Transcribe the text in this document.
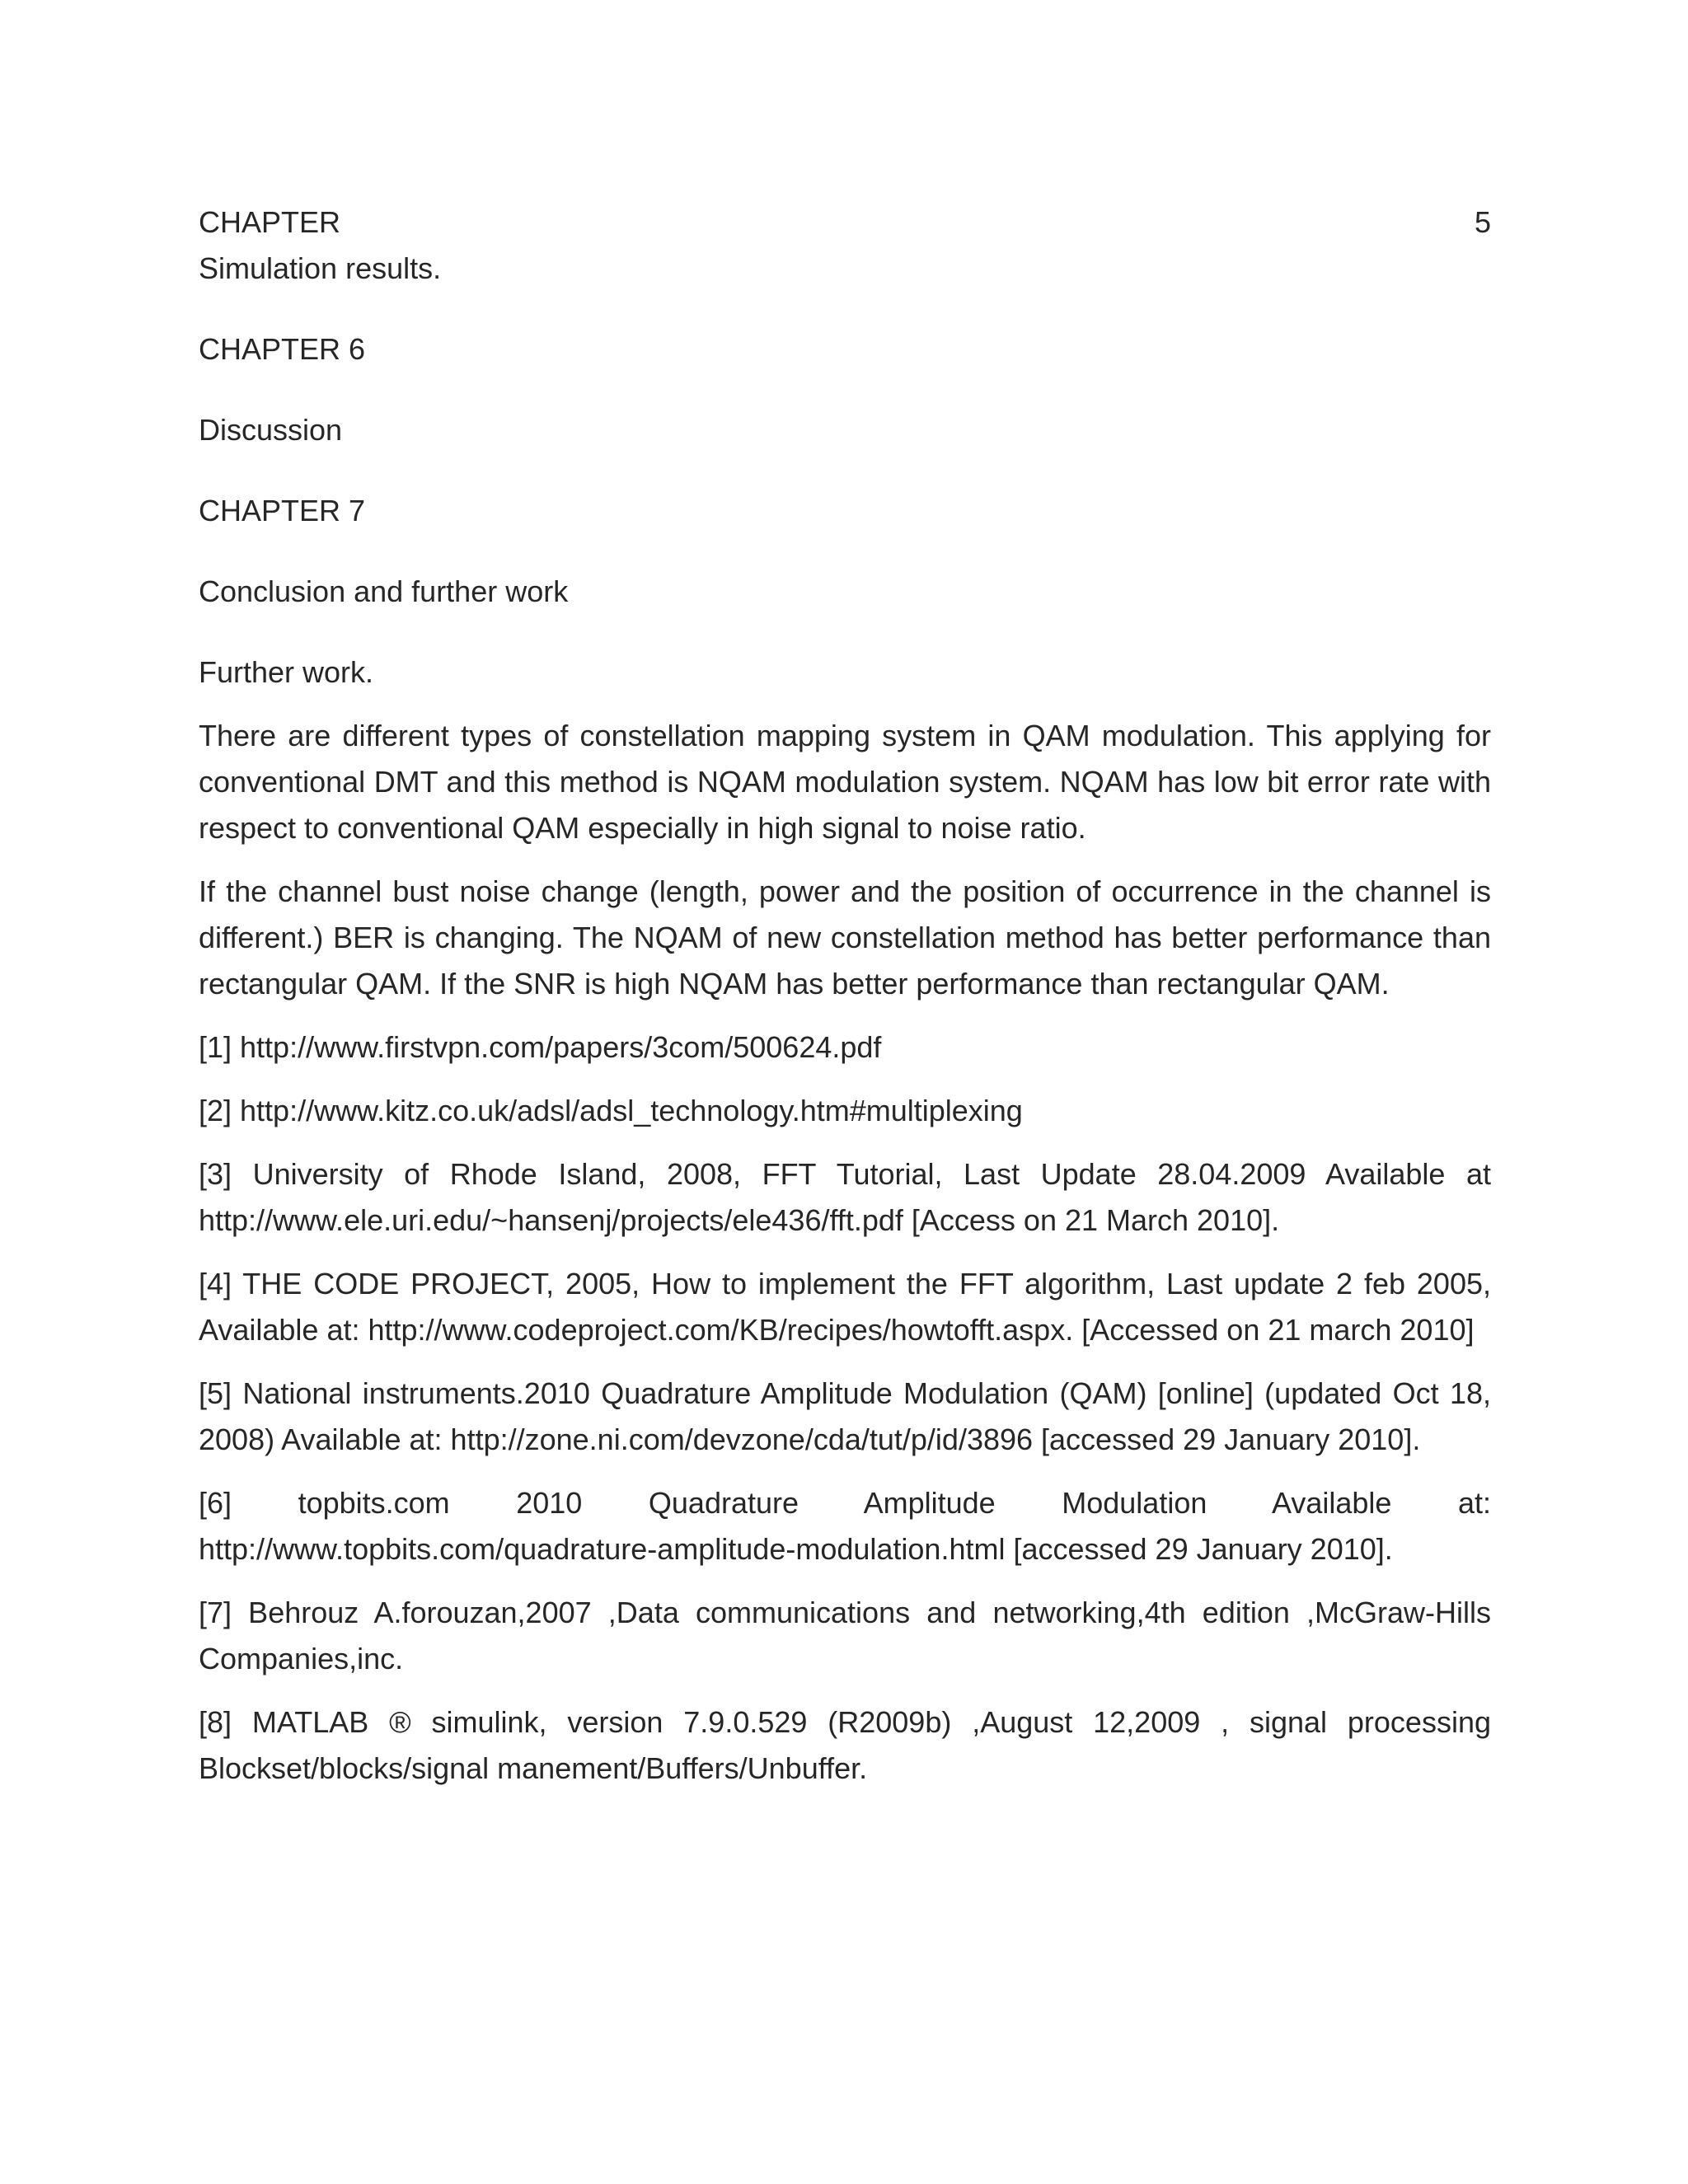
CHAPTER	5

Simulation results.

CHAPTER 6

Discussion

CHAPTER 7

Conclusion and further work

Further work.

There are different types of constellation mapping system in QAM modulation. This applying for conventional DMT and this method is NQAM modulation system. NQAM has low bit error rate with respect to conventional QAM especially in high signal to noise ratio.

If the channel bust noise change (length, power and the position of occurrence in the channel is different.) BER is changing. The NQAM of new constellation method has better performance than rectangular QAM. If the SNR is high NQAM has better performance than rectangular QAM.

[1] http://www.firstvpn.com/papers/3com/500624.pdf

[2] http://www.kitz.co.uk/adsl/adsl_technology.htm#multiplexing

[3] University of Rhode Island, 2008, FFT Tutorial, Last Update 28.04.2009 Available at http://www.ele.uri.edu/~hansenj/projects/ele436/fft.pdf [Access on 21 March 2010].

[4] THE CODE PROJECT, 2005, How to implement the FFT algorithm, Last update 2 feb 2005, Available at: http://www.codeproject.com/KB/recipes/howtofft.aspx. [Accessed on 21 march 2010]

[5] National instruments.2010 Quadrature Amplitude Modulation (QAM) [online] (updated Oct 18, 2008) Available at: http://zone.ni.com/devzone/cda/tut/p/id/3896 [accessed 29 January 2010].

[6] topbits.com 2010 Quadrature Amplitude Modulation Available at: http://www.topbits.com/quadrature-amplitude-modulation.html [accessed 29 January 2010].

[7] Behrouz A.forouzan,2007 ,Data communications and networking,4th edition ,McGraw-Hills Companies,inc.

[8] MATLAB ® simulink, version 7.9.0.529 (R2009b) ,August 12,2009 , signal processing Blockset/blocks/signal manement/Buffers/Unbuffer.
